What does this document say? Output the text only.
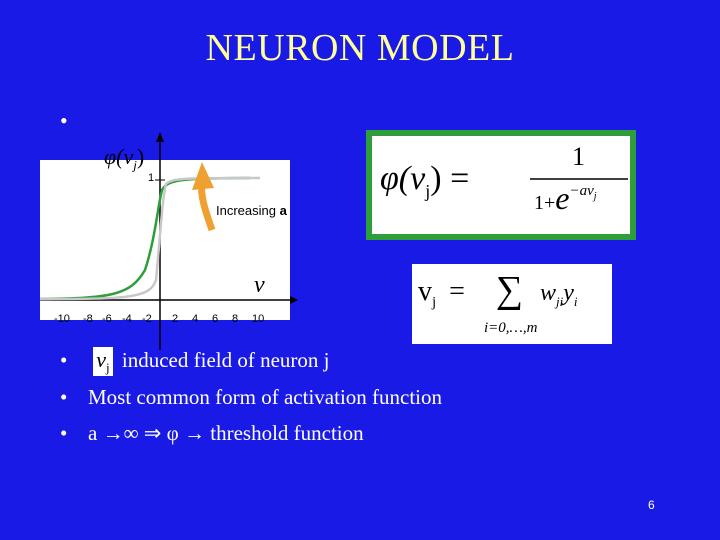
NEURON MODEL
•
$\varphi(v_j)$
1
v
Increasing a
-10 -8 -6 -4 -2 2 4 6 8 10
$\varphi(v_j)$ =
1
$1+e^{-av_j}$
$v_j$ = ∑ $w_{ji}y_i$
i=0,…,m
• $v_j$ induced field of neuron j
• Most common form of activation function
• a →∞ ⇒ φ → threshold function
6
